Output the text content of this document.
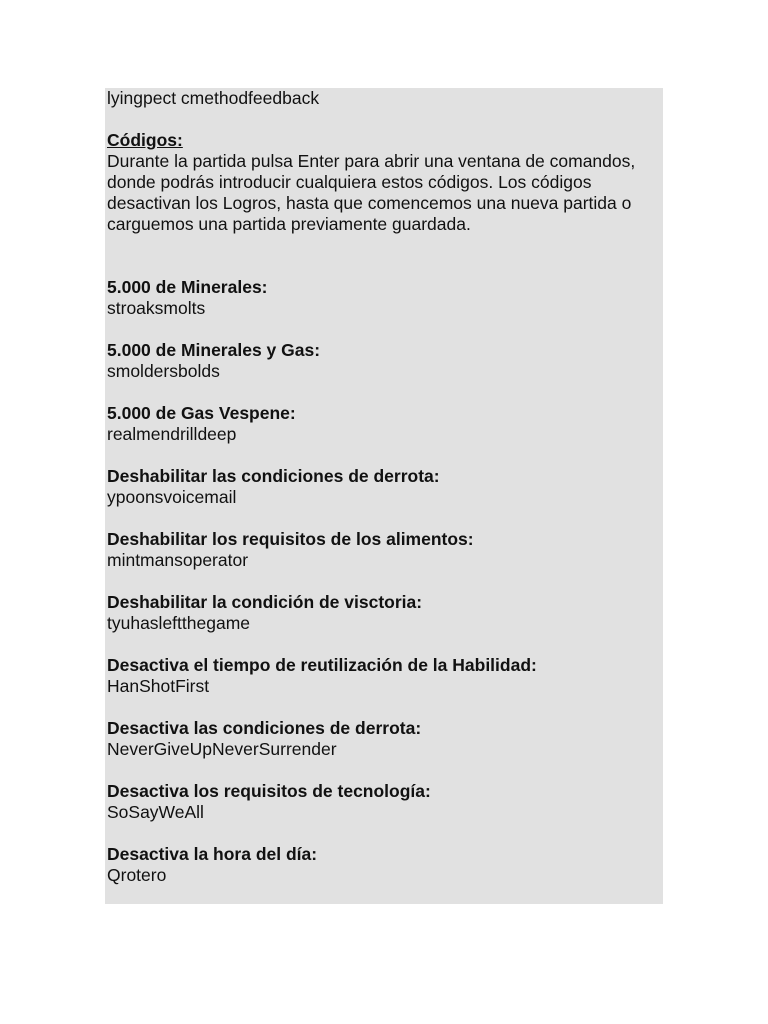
lyingpect cmethodfeedback
Códigos:
Durante la partida pulsa Enter para abrir una ventana de comandos,
donde podrás introducir cualquiera estos códigos. Los códigos
desactivan los Logros, hasta que comencemos una nueva partida o
carguemos una partida previamente guardada.
5.000 de Minerales:
stroaksmolts
5.000 de Minerales y Gas:
smoldersbolds
5.000 de Gas Vespene:
realmendrilldeep
Deshabilitar las condiciones de derrota:
ypoonsvoicemail
Deshabilitar los requisitos de los alimentos:
mintmansoperator
Deshabilitar la condición de visctoria:
tyuhasleftthegame
Desactiva el tiempo de reutilización de la Habilidad:
HanShotFirst
Desactiva las condiciones de derrota:
NeverGiveUpNeverSurrender
Desactiva los requisitos de tecnología:
SoSayWeAll
Desactiva la hora del día:
Qrotero
